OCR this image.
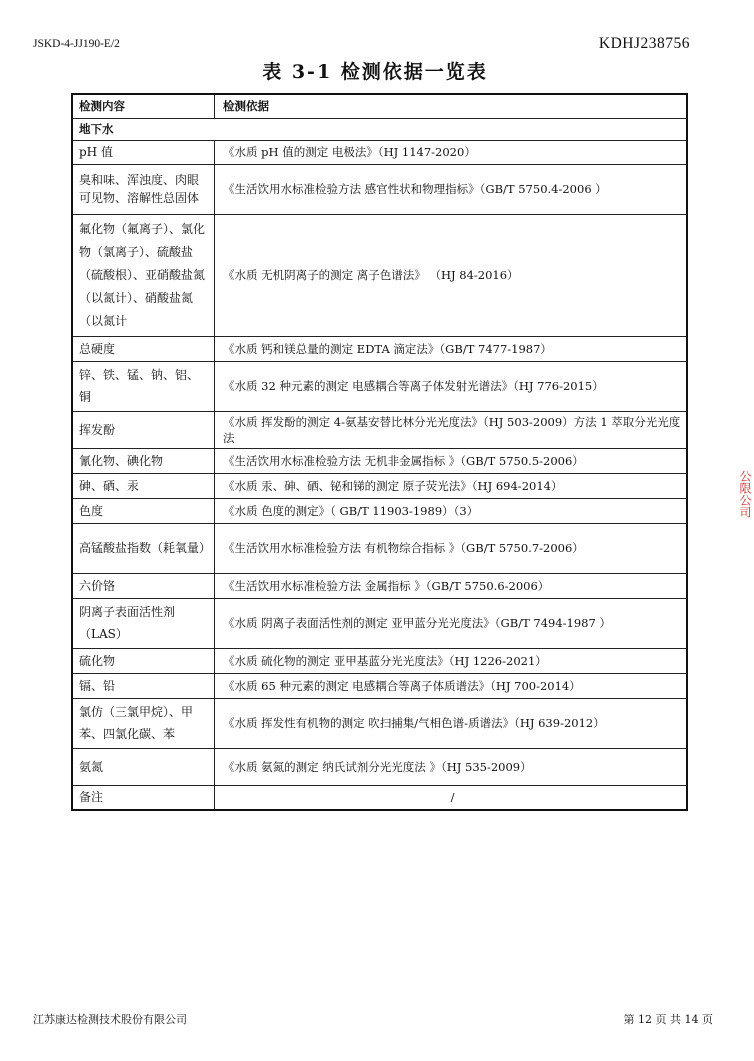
JSKD-4-JJ190-E/2	KDHJ238756
表 3-1 检测依据一览表
检测内容	检测依据
地下水	
pH 值	《水质 pH 值的测定 电极法》（HJ 1147-2020）
臭和味、浑浊度、肉眼可见物、溶解性总固体	《生活饮用水标准检验方法 感官性状和物理指标》（GB/T 5750.4-2006 ）
氟化物（氟离子）、氯化物（氯离子）、硫酸盐（硫酸根）、亚硝酸盐氮（以氮计）、硝酸盐氮（以氮计	《水质 无机阴离子的测定 离子色谱法》 （HJ 84-2016）
总硬度	《水质 钙和镁总量的测定 EDTA 滴定法》（GB/T 7477-1987）
锌、铁、锰、钠、铝、铜	《水质 32 种元素的测定 电感耦合等离子体发射光谱法》（HJ 776-2015）
挥发酚	《水质 挥发酚的测定 4-氨基安替比林分光光度法》（HJ 503-2009）方法 1 萃取分光光度法
氰化物、碘化物	《生活饮用水标准检验方法 无机非金属指标 》（GB/T 5750.5-2006）
砷、硒、汞	《水质 汞、砷、硒、铋和锑的测定 原子荧光法》（HJ 694-2014）
色度	《水质 色度的测定》（ GB/T 11903-1989）（3）
高锰酸盐指数（耗氧量）	《生活饮用水标准检验方法 有机物综合指标 》（GB/T 5750.7-2006）
六价铬	《生活饮用水标准检验方法 金属指标 》（GB/T 5750.6-2006）
阴离子表面活性剂（LAS）	《水质 阴离子表面活性剂的测定 亚甲蓝分光光度法》（GB/T 7494-1987 ）
硫化物	《水质 硫化物的测定 亚甲基蓝分光光度法》（HJ 1226-2021）
镉、铅	《水质 65 种元素的测定 电感耦合等离子体质谱法》（HJ 700-2014）
氯仿（三氯甲烷）、甲苯、四氯化碳、苯	《水质 挥发性有机物的测定 吹扫捕集/气相色谱-质谱法》（HJ 639-2012）
氨氮	《水质 氨氮的测定 纳氏试剂分光光度法 》（HJ 535-2009）
备注	/
公限公司
江苏康达检测技术股份有限公司	第 12 页 共 14 页
